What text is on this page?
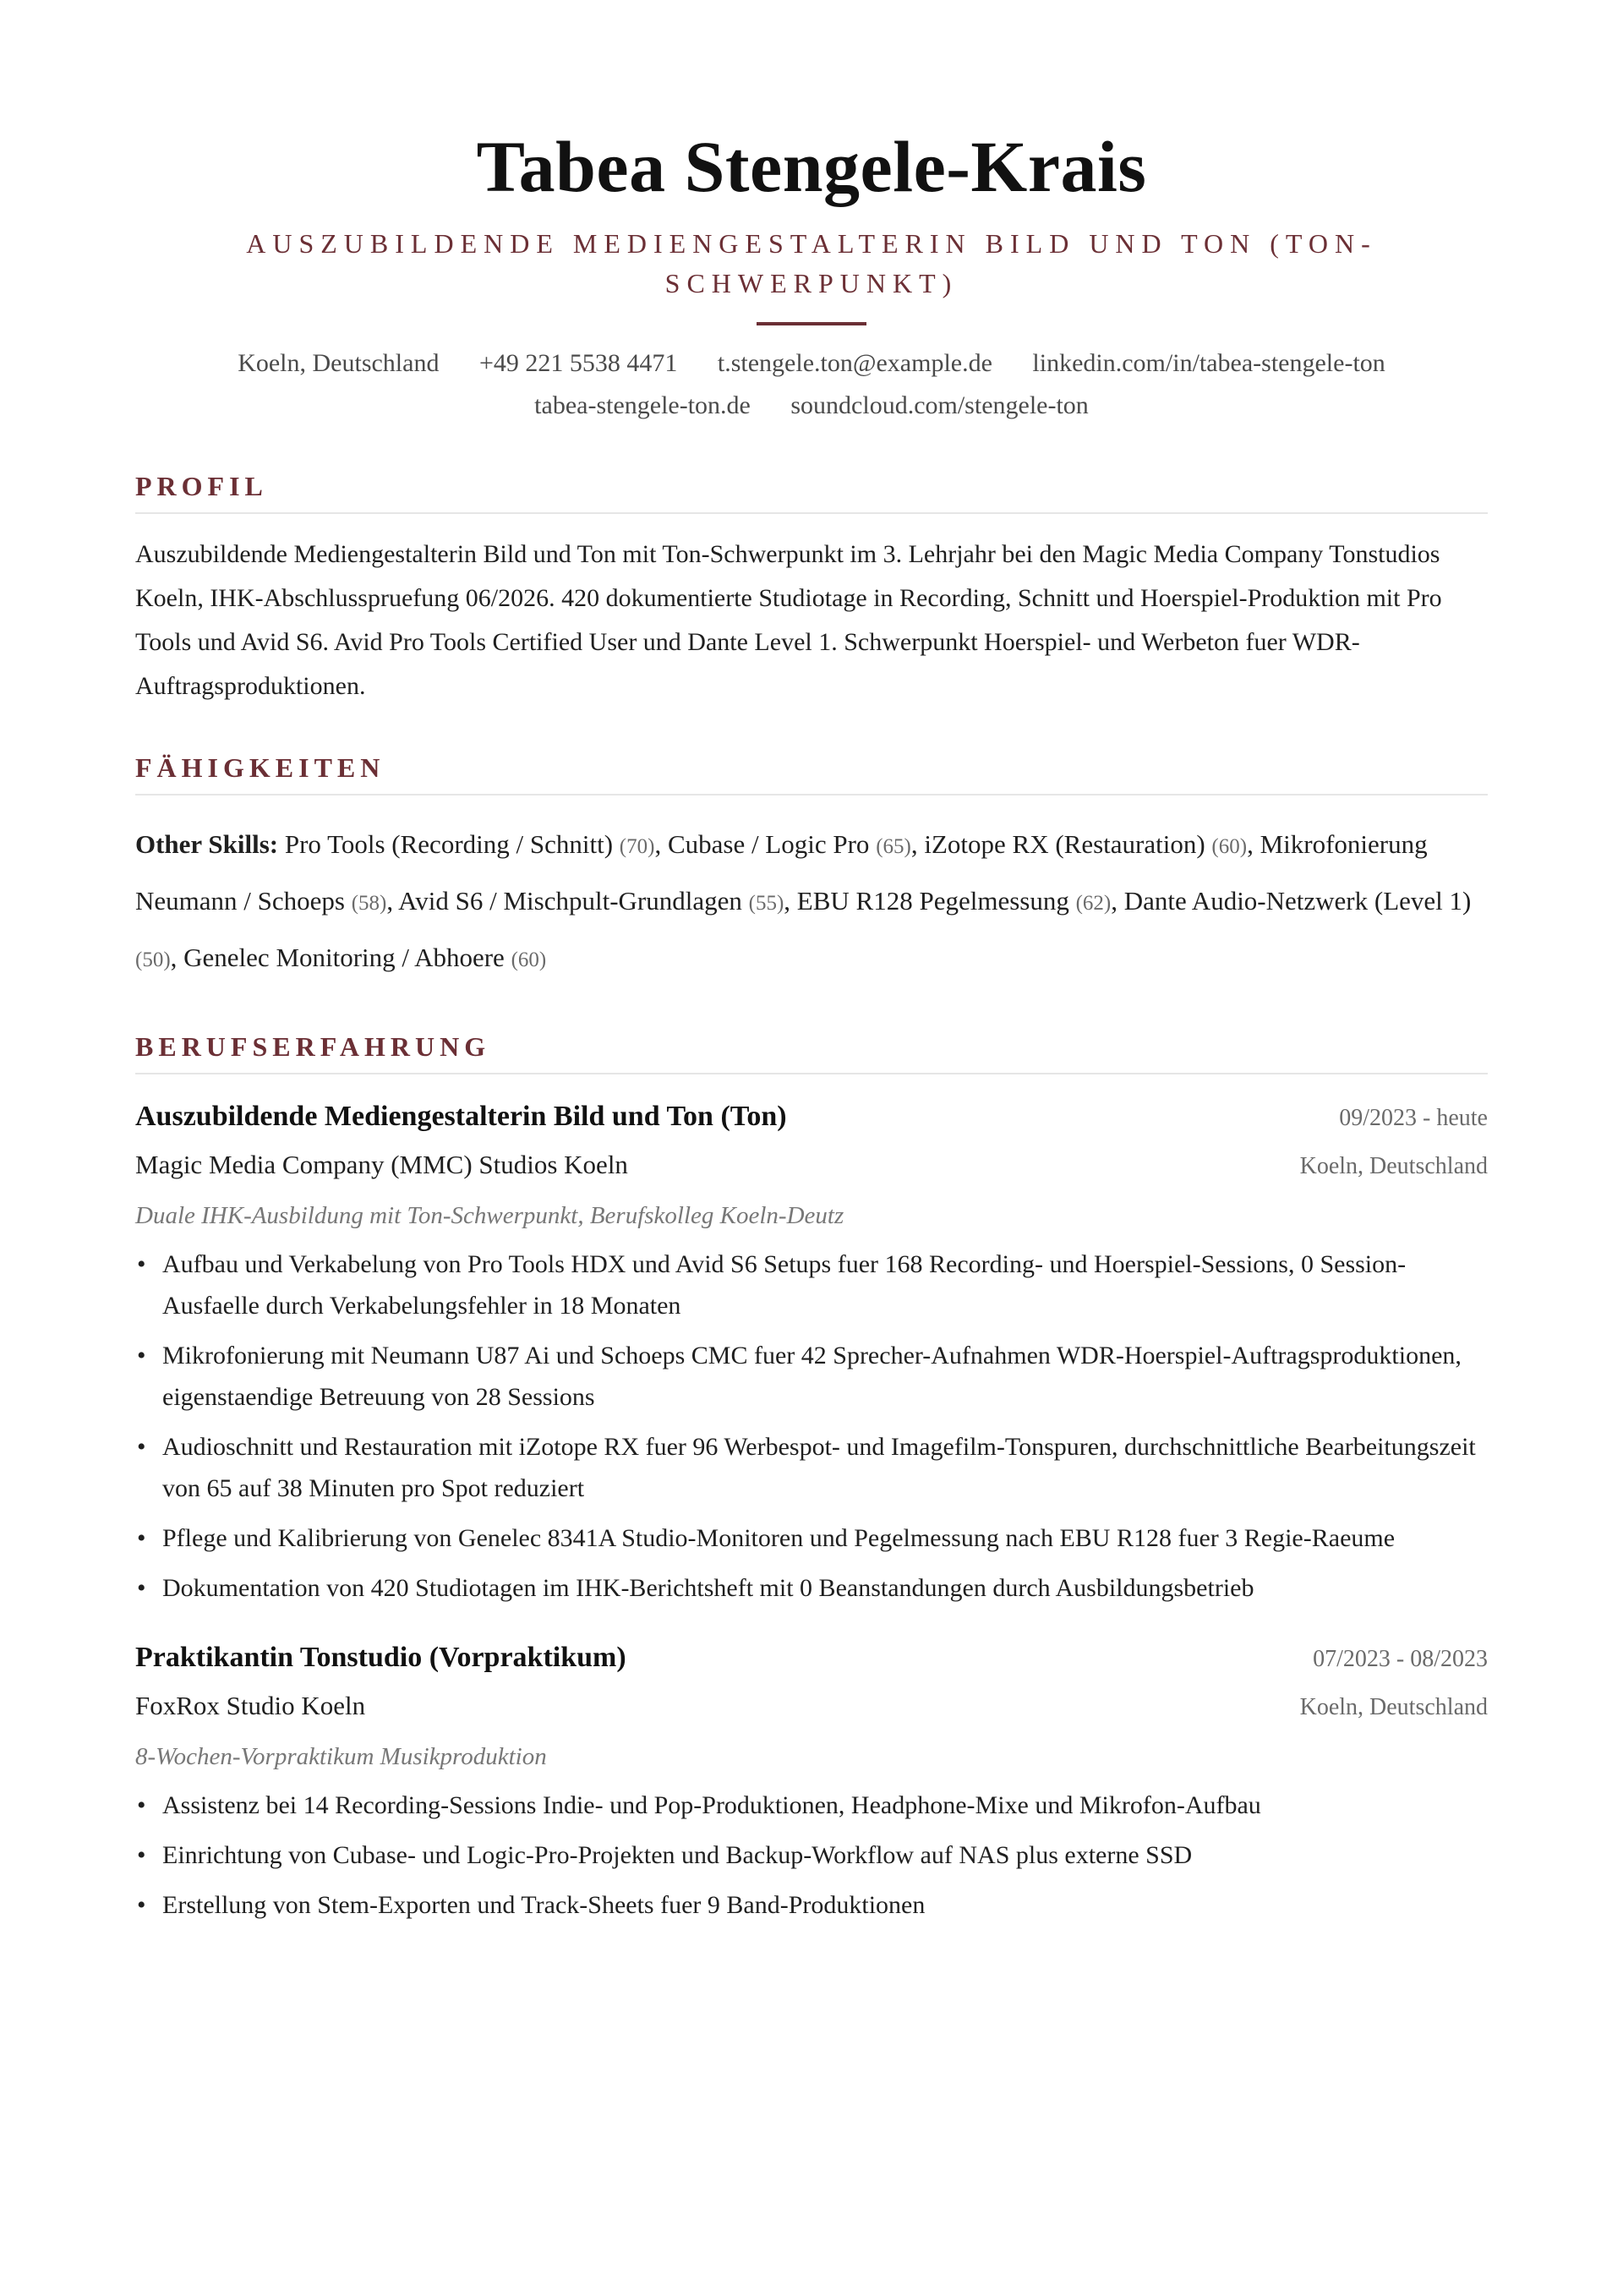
Tabea Stengele-Krais
AUSZUBILDENDE MEDIENGESTALTERIN BILD UND TON (TON-SCHWERPUNKT)
Koeln, Deutschland +49 221 5538 4471 t.stengele.ton@example.de linkedin.com/in/tabea-stengele-ton
tabea-stengele-ton.de soundcloud.com/stengele-ton
PROFIL

Auszubildende Mediengestalterin Bild und Ton mit Ton-Schwerpunkt im 3. Lehrjahr bei den Magic Media Company Tonstudios Koeln, IHK-Abschlusspruefung 06/2026. 420 dokumentierte Studiotage in Recording, Schnitt und Hoerspiel-Produktion mit Pro Tools und Avid S6. Avid Pro Tools Certified User und Dante Level 1. Schwerpunkt Hoerspiel- und Werbeton fuer WDR-Auftragsproduktionen.

FÄHIGKEITEN

Other Skills: Pro Tools (Recording / Schnitt) (70), Cubase / Logic Pro (65), iZotope RX (Restauration) (60), Mikrofonierung Neumann / Schoeps (58), Avid S6 / Mischpult-Grundlagen (55), EBU R128 Pegelmessung (62), Dante Audio-Netzwerk (Level 1) (50), Genelec Monitoring / Abhoere (60)

BERUFSERFAHRUNG
Auszubildende Mediengestalterin Bild und Ton (Ton)	09/2023 - heute
Magic Media Company (MMC) Studios Koeln	Koeln, Deutschland
Duale IHK-Ausbildung mit Ton-Schwerpunkt, Berufskolleg Koeln-Deutz
• Aufbau und Verkabelung von Pro Tools HDX und Avid S6 Setups fuer 168 Recording- und Hoerspiel-Sessions, 0 Session-Ausfaelle durch Verkabelungsfehler in 18 Monaten
• Mikrofonierung mit Neumann U87 Ai und Schoeps CMC fuer 42 Sprecher-Aufnahmen WDR-Hoerspiel-Auftragsproduktionen, eigenstaendige Betreuung von 28 Sessions
• Audioschnitt und Restauration mit iZotope RX fuer 96 Werbespot- und Imagefilm-Tonspuren, durchschnittliche Bearbeitungszeit von 65 auf 38 Minuten pro Spot reduziert
• Pflege und Kalibrierung von Genelec 8341A Studio-Monitoren und Pegelmessung nach EBU R128 fuer 3 Regie-Raeume
• Dokumentation von 420 Studiotagen im IHK-Berichtsheft mit 0 Beanstandungen durch Ausbildungsbetrieb
Praktikantin Tonstudio (Vorpraktikum)	07/2023 - 08/2023
FoxRox Studio Koeln	Koeln, Deutschland
8-Wochen-Vorpraktikum Musikproduktion
• Assistenz bei 14 Recording-Sessions Indie- und Pop-Produktionen, Headphone-Mixe und Mikrofon-Aufbau
• Einrichtung von Cubase- und Logic-Pro-Projekten und Backup-Workflow auf NAS plus externe SSD
• Erstellung von Stem-Exporten und Track-Sheets fuer 9 Band-Produktionen
